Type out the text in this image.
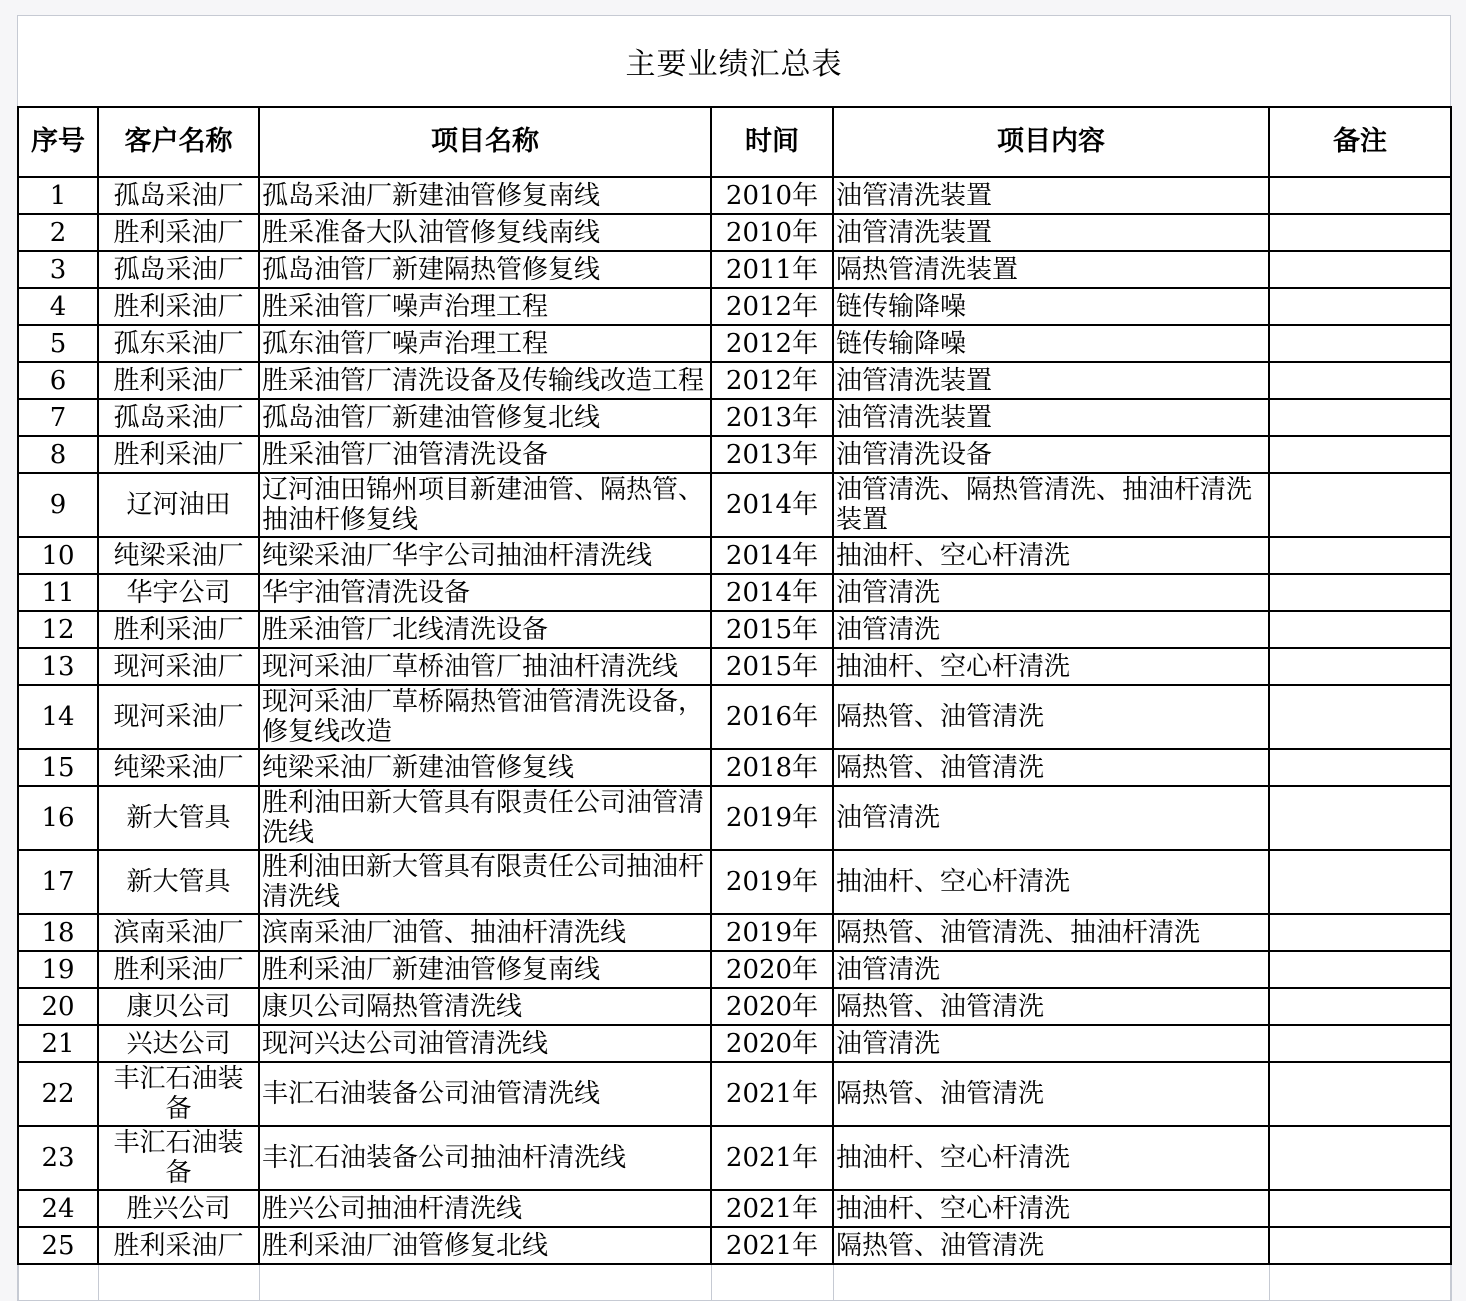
主要业绩汇总表
序号	客户名称	项目名称	时间	项目内容	备注
1	孤岛采油厂	孤岛采油厂新建油管修复南线	2010年	油管清洗装置	
2	胜利采油厂	胜采准备大队油管修复线南线	2010年	油管清洗装置	
3	孤岛采油厂	孤岛油管厂新建隔热管修复线	2011年	隔热管清洗装置	
4	胜利采油厂	胜采油管厂噪声治理工程	2012年	链传输降噪	
5	孤东采油厂	孤东油管厂噪声治理工程	2012年	链传输降噪	
6	胜利采油厂	胜采油管厂清洗设备及传输线改造工程	2012年	油管清洗装置	
7	孤岛采油厂	孤岛油管厂新建油管修复北线	2013年	油管清洗装置	
8	胜利采油厂	胜采油管厂油管清洗设备	2013年	油管清洗设备	
9	辽河油田	辽河油田锦州项目新建油管、隔热管、抽油杆修复线	2014年	油管清洗、隔热管清洗、抽油杆清洗装置	
10	纯梁采油厂	纯梁采油厂华宇公司抽油杆清洗线	2014年	抽油杆、空心杆清洗	
11	华宇公司	华宇油管清洗设备	2014年	油管清洗	
12	胜利采油厂	胜采油管厂北线清洗设备	2015年	油管清洗	
13	现河采油厂	现河采油厂草桥油管厂抽油杆清洗线	2015年	抽油杆、空心杆清洗	
14	现河采油厂	现河采油厂草桥隔热管油管清洗设备，修复线改造	2016年	隔热管、油管清洗	
15	纯梁采油厂	纯梁采油厂新建油管修复线	2018年	隔热管、油管清洗	
16	新大管具	胜利油田新大管具有限责任公司油管清洗线	2019年	油管清洗	
17	新大管具	胜利油田新大管具有限责任公司抽油杆清洗线	2019年	抽油杆、空心杆清洗	
18	滨南采油厂	滨南采油厂油管、抽油杆清洗线	2019年	隔热管、油管清洗、抽油杆清洗	
19	胜利采油厂	胜利采油厂新建油管修复南线	2020年	油管清洗	
20	康贝公司	康贝公司隔热管清洗线	2020年	隔热管、油管清洗	
21	兴达公司	现河兴达公司油管清洗线	2020年	油管清洗	
22	丰汇石油装备	丰汇石油装备公司油管清洗线	2021年	隔热管、油管清洗	
23	丰汇石油装备	丰汇石油装备公司抽油杆清洗线	2021年	抽油杆、空心杆清洗	
24	胜兴公司	胜兴公司抽油杆清洗线	2021年	抽油杆、空心杆清洗	
25	胜利采油厂	胜利采油厂油管修复北线	2021年	隔热管、油管清洗	
